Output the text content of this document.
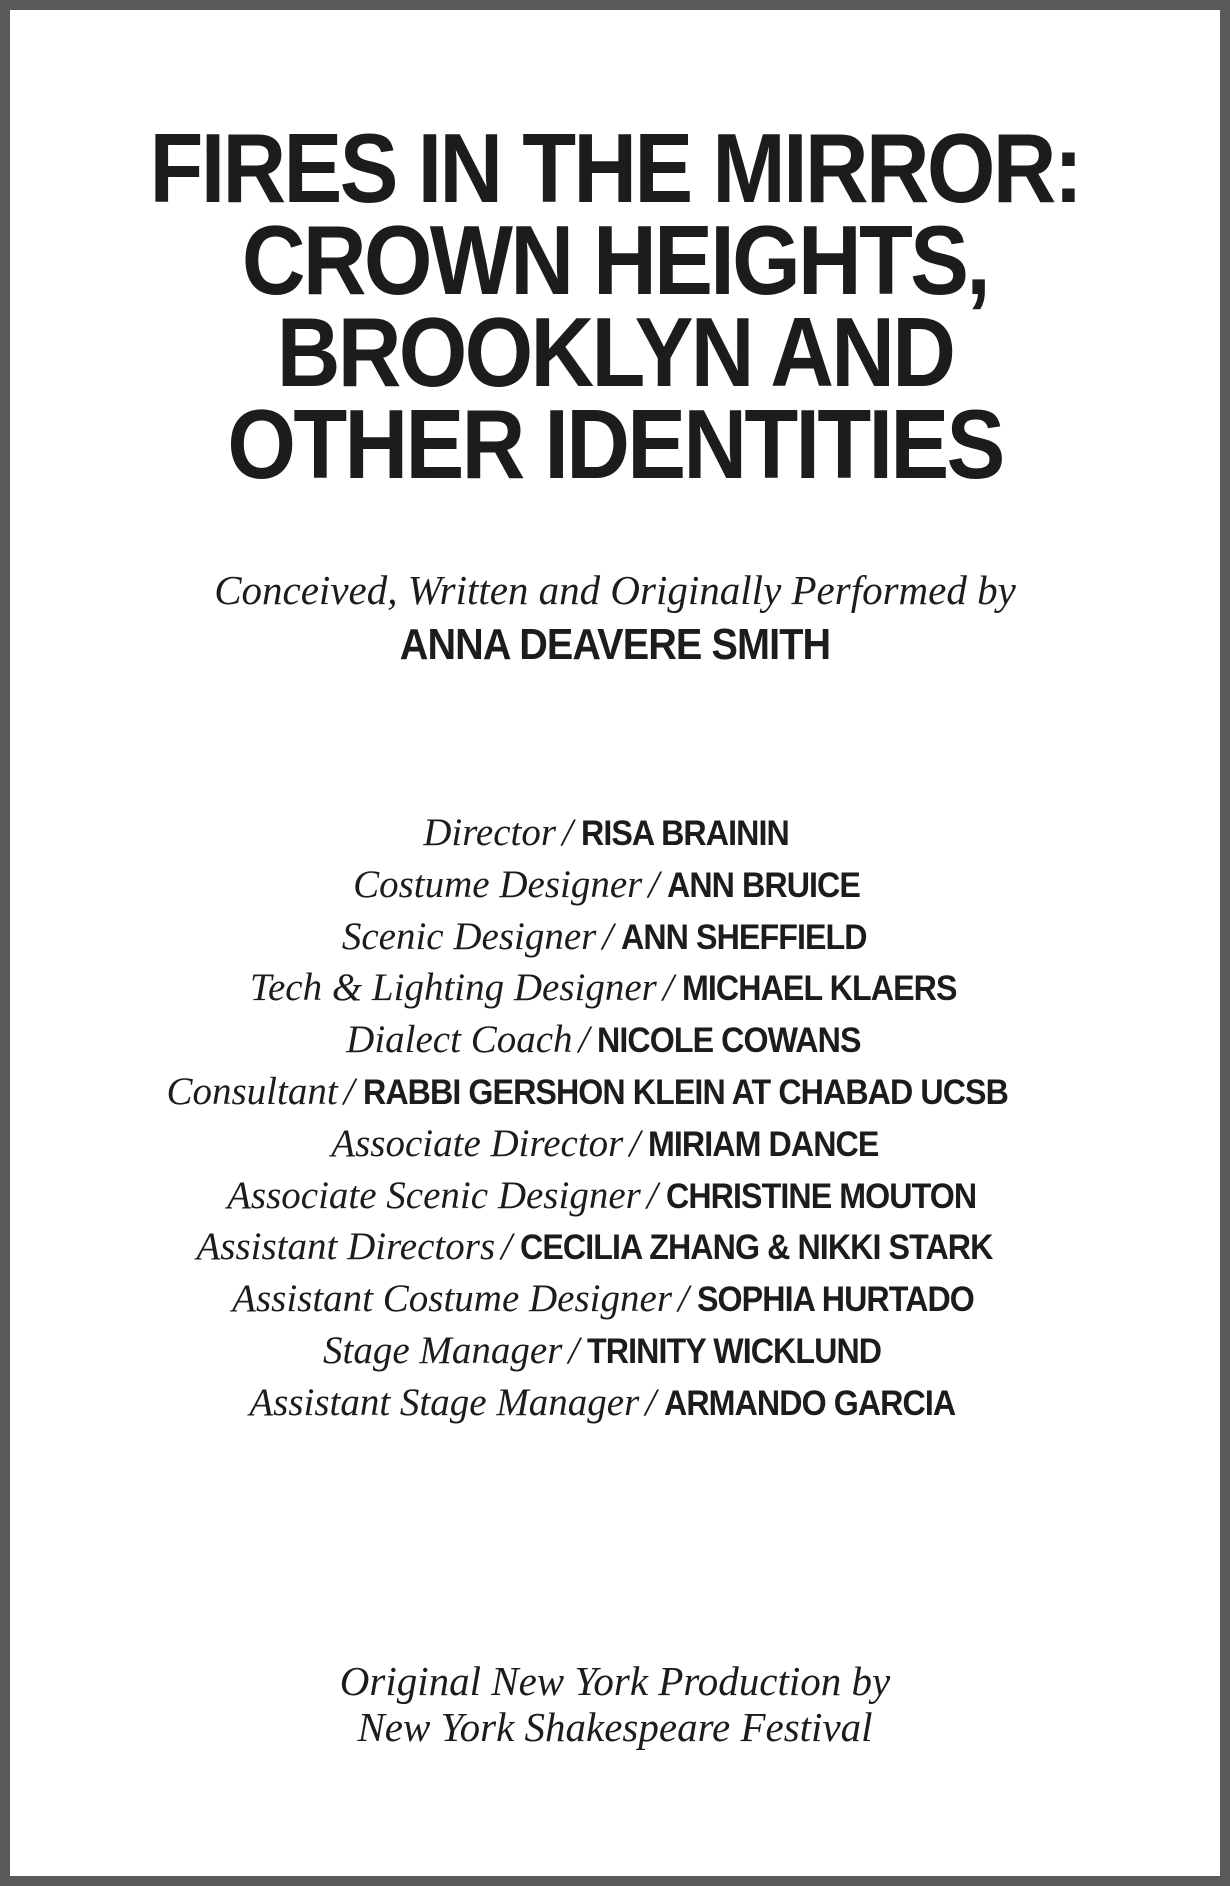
FIRES IN THE MIRROR:
CROWN HEIGHTS,
BROOKLYN AND
OTHER IDENTITIES
Conceived, Written and Originally Performed by
ANNA DEAVERE SMITH
Director / RISA BRAININ
Costume Designer / ANN BRUICE
Scenic Designer / ANN SHEFFIELD
Tech & Lighting Designer / MICHAEL KLAERS
Dialect Coach / NICOLE COWANS
Consultant / RABBI GERSHON KLEIN AT CHABAD UCSB
Associate Director / MIRIAM DANCE
Associate Scenic Designer / CHRISTINE MOUTON
Assistant Directors / CECILIA ZHANG & NIKKI STARK
Assistant Costume Designer / SOPHIA HURTADO
Stage Manager / TRINITY WICKLUND
Assistant Stage Manager / ARMANDO GARCIA
Original New York Production by
New York Shakespeare Festival
